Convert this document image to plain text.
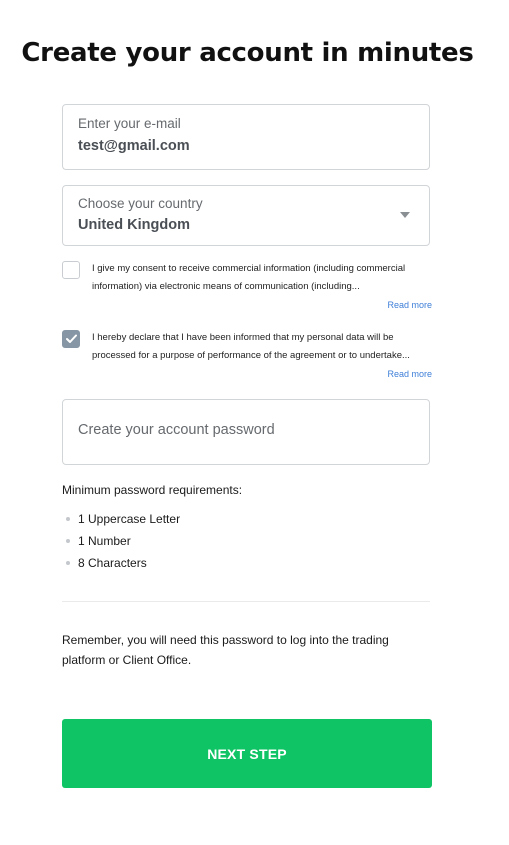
Create your account in minutes
Enter your e-mail
test@gmail.com
Choose your country
United Kingdom
I give my consent to receive commercial information (including commercial information) via electronic means of communication (including...
Read more
I hereby declare that I have been informed that my personal data will be processed for a purpose of performance of the agreement or to undertake...
Read more
Create your account password
Minimum password requirements:
1 Uppercase Letter
1 Number
8 Characters
Remember, you will need this password to log into the trading platform or Client Office.
NEXT STEP
